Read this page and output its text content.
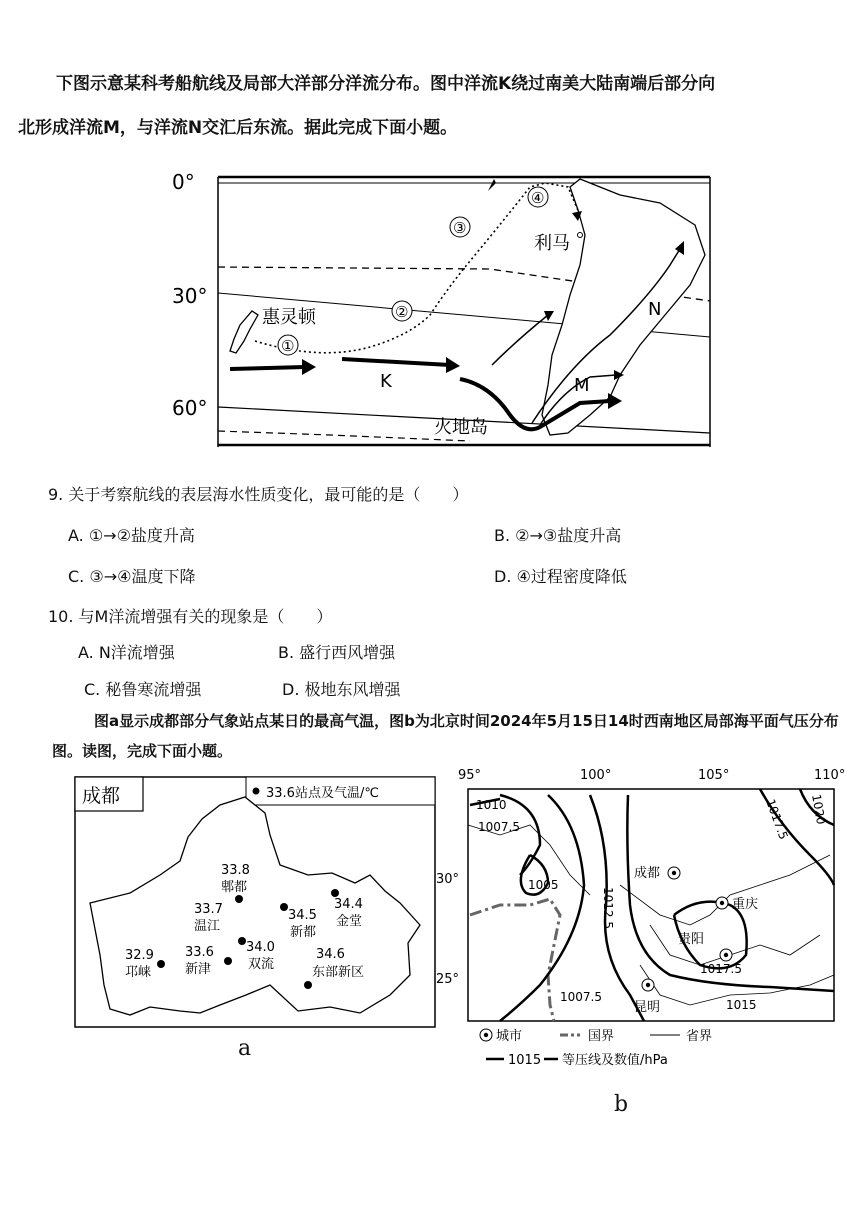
下图示意某科考船航线及局部大洋部分洋流分布。图中洋流K绕过南美大陆南端后部分向
北形成洋流M，与洋流N交汇后东流。据此完成下面小题。
0°
30°
60°
惠灵顿
①
②
③
④
利马
K	M
N
火地岛
9. 关于考察航线的表层海水性质变化，最可能的是（　　）
A. ①→②盐度升高	B. ②→③盐度升高
C. ③→④温度下降	D. ④过程密度降低
10. 与M洋流增强有关的现象是（　　）
A. N洋流增强	B. 盛行西风增强
C. 秘鲁寒流增强	D. 极地东风增强
图a显示成都部分气象站点某日的最高气温，图b为北京时间2024年5月15日14时西南地区局部海平面气压分布图。读图，完成下面小题。
成都	33.6站点及气温/℃
33.8
郫都
33.7
温江
34.4
金堂
34.5
新都
34.0
双流
33.6
新津
32.9
邛崃
34.6
东部新区
a
95°	100°	105°	110°
30°
25°
1010
1007.5
1005
1012.5
1017.5 1020
1017.5
1015
1007.5
成都
重庆
贵阳
昆明
城市	国界	省界
1015 等压线及数值/hPa
b
